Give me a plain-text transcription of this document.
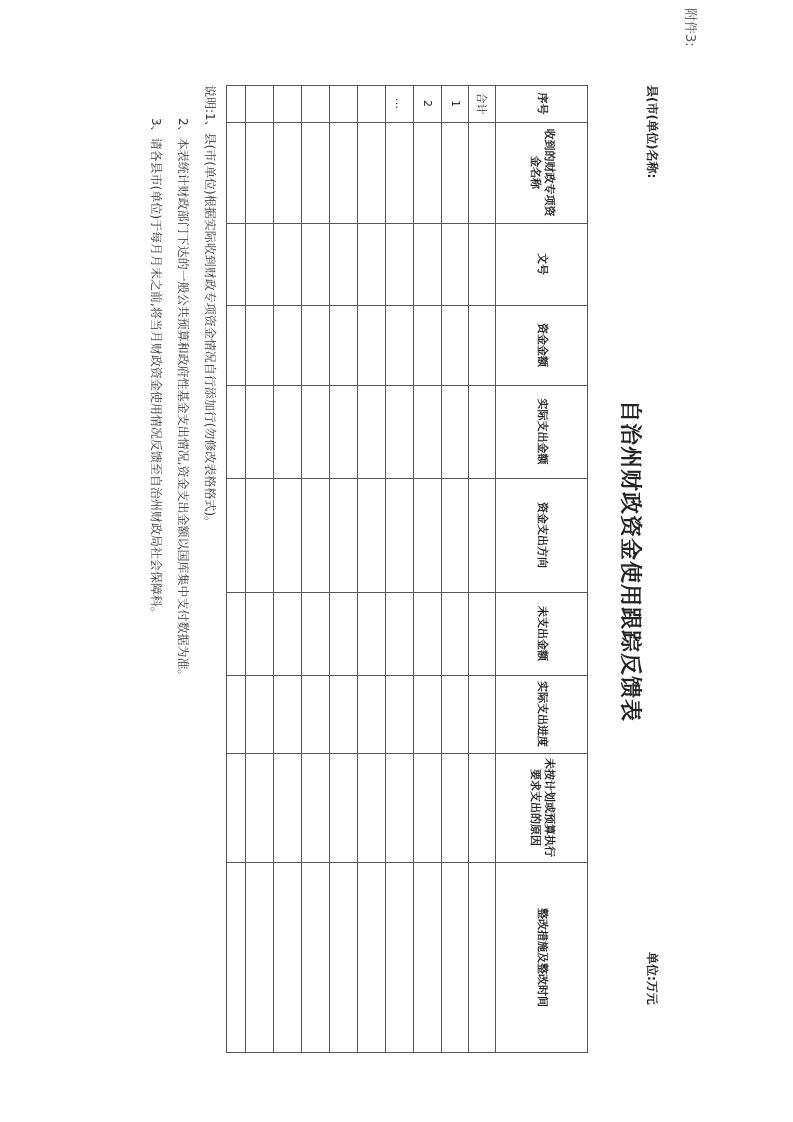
附件3:
自治州财政资金使用跟踪反馈表
县(市(单位)名称:
单位:万元
序号
收到的财政专项资金名称
文号
资金金额
实际支出金额
资金支出方向
未支出金额
实际支出进度
未按计划或预算执行要求支出的原因
整改措施及整改时间
合计
1
2
…
说明:1、县(市(单位)根据实际收到财政专项资金情况自行添加行(勿修改表格格式)。
2、本表统计财政部门下达的一般公共预算和政府性基金支出情况,资金支出金额以国库集中支付数据为准。
3、请各县市(单位)于每月月末之前,将当月财政资金使用情况反馈至自治州财政局社会保障科。
